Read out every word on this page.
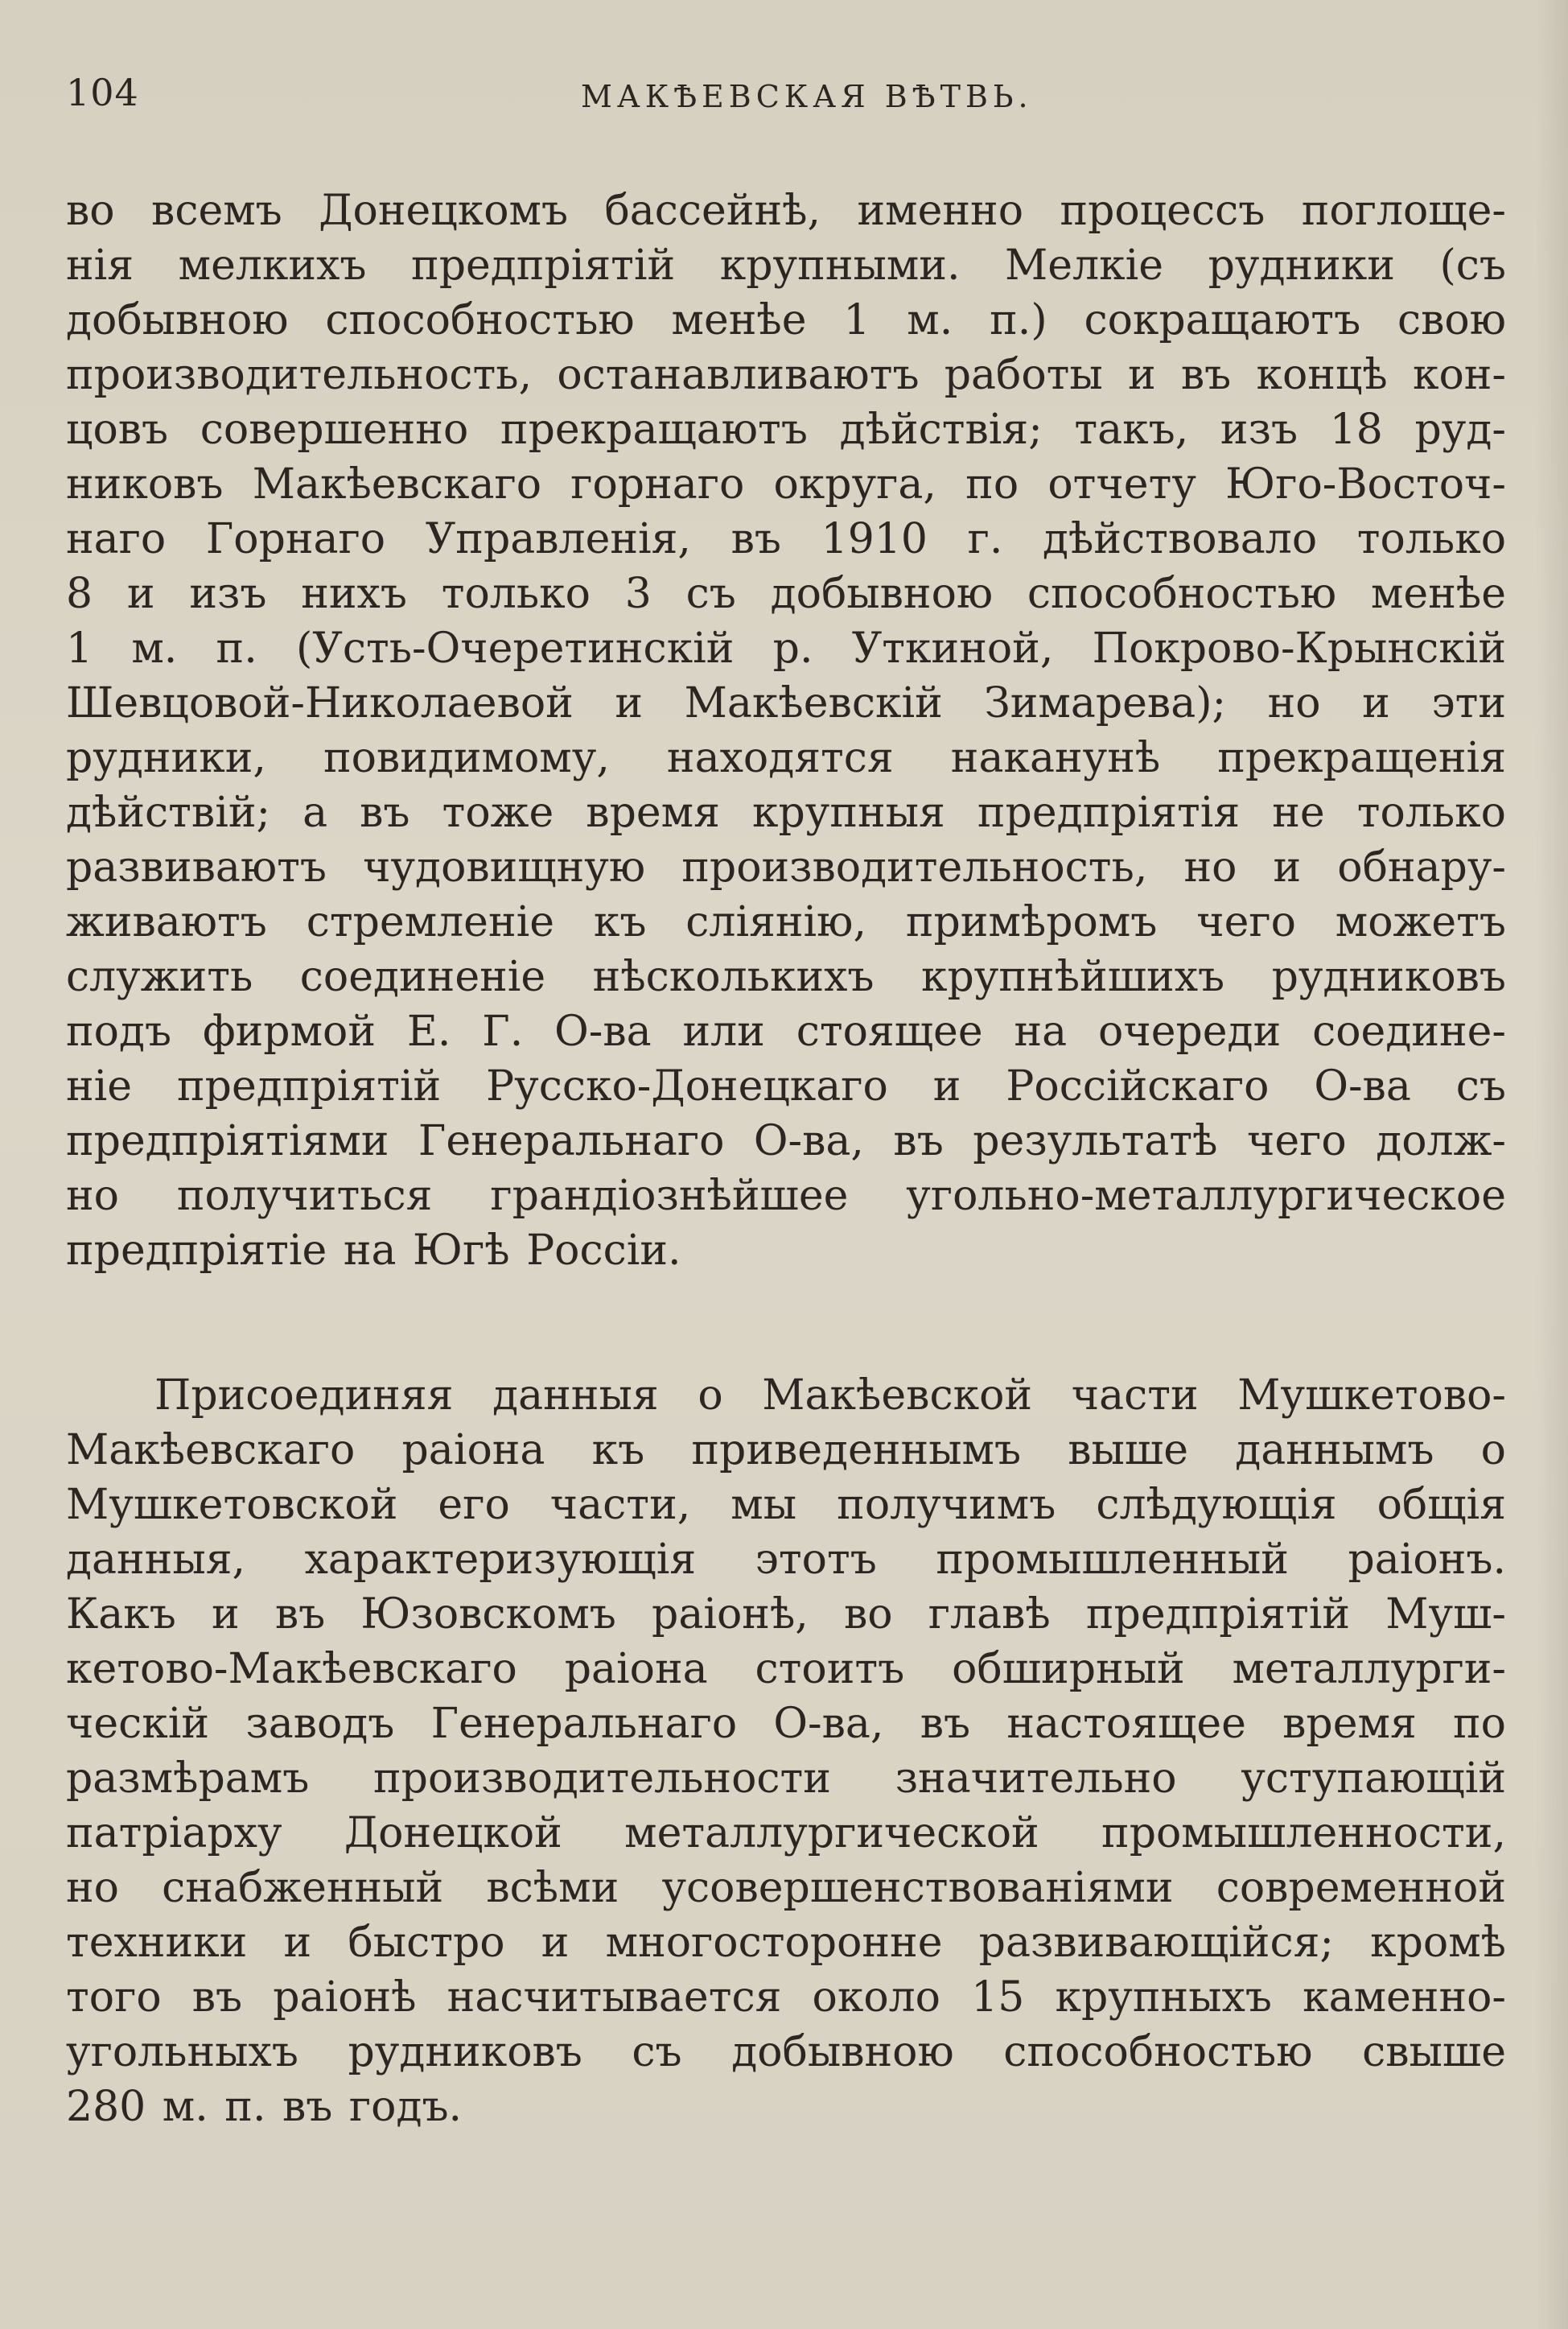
104	МАКѢЕВСКАЯ ВѢТВЬ.
во всемъ Донецкомъ бассейнѣ, именно процессъ поглоще-
нія мелкихъ предпріятій крупными. Мелкіе рудники (съ
добывною способностью менѣе 1 м. п.) сокращаютъ свою
производительность, останавливаютъ работы и въ концѣ кон-
цовъ совершенно прекращаютъ дѣйствія; такъ, изъ 18 руд-
никовъ Макѣевскаго горнаго округа, по отчету Юго-Восточ-
наго Горнаго Управленія, въ 1910 г. дѣйствовало только
8 и изъ нихъ только 3 съ добывною способностью менѣе
1 м. п. (Усть-Очеретинскій р. Уткиной, Покрово-Крынскій
Шевцовой-Николаевой и Макѣевскій Зимарева); но и эти
рудники, повидимому, находятся наканунѣ прекращенія
дѣйствій; а въ тоже время крупныя предпріятія не только
развиваютъ чудовищную производительность, но и обнару-
живаютъ стремленіе къ сліянію, примѣромъ чего можетъ
служить соединеніе нѣсколькихъ крупнѣйшихъ рудниковъ
подъ фирмой Е. Г. О-ва или стоящее на очереди соедине-
ніе предпріятій Русско-Донецкаго и Россійскаго О-ва съ
предпріятіями Генеральнаго О-ва, въ результатѣ чего долж-
но получиться грандіознѣйшее угольно-металлургическое
предпріятіе на Югѣ Россіи.
Присоединяя данныя о Макѣевской части Мушкетово-
Макѣевскаго раiона къ приведеннымъ выше даннымъ о
Мушкетовской его части, мы получимъ слѣдующія общія
данныя, характеризующія этотъ промышленный раiонъ.
Какъ и въ Юзовскомъ раiонѣ, во главѣ предпріятій Муш-
кетово-Макѣевскаго раiона стоитъ обширный металлурги-
ческій заводъ Генеральнаго О-ва, въ настоящее время по
размѣрамъ производительности значительно уступающій
патріарху Донецкой металлургической промышленности,
но снабженный всѣми усовершенствованіями современной
техники и быстро и многосторонне развивающійся; кромѣ
того въ раiонѣ насчитывается около 15 крупныхъ каменно-
угольныхъ рудниковъ съ добывною способностью свыше
280 м. п. въ годъ.
